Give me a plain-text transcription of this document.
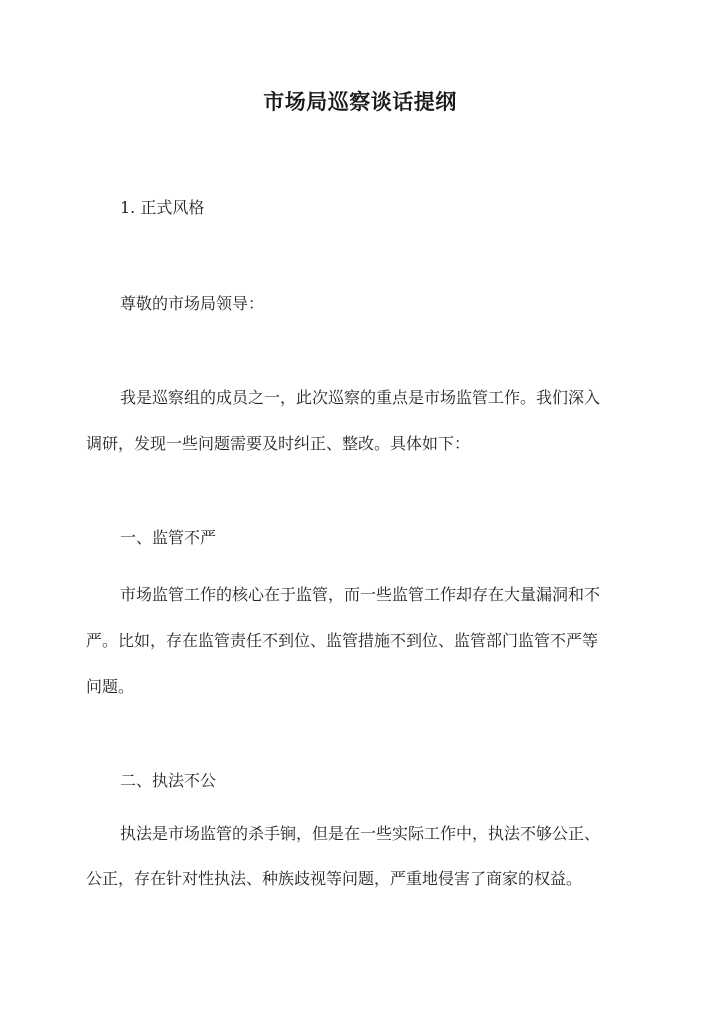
市场局巡察谈话提纲
1. 正式风格
尊敬的市场局领导：
我是巡察组的成员之一，此次巡察的重点是市场监管工作。我们深入
调研，发现一些问题需要及时纠正、整改。具体如下：
一、监管不严
市场监管工作的核心在于监管，而一些监管工作却存在大量漏洞和不
严。比如，存在监管责任不到位、监管措施不到位、监管部门监管不严等
问题。
二、执法不公
执法是市场监管的杀手锏，但是在一些实际工作中，执法不够公正、
公正，存在针对性执法、种族歧视等问题，严重地侵害了商家的权益。
